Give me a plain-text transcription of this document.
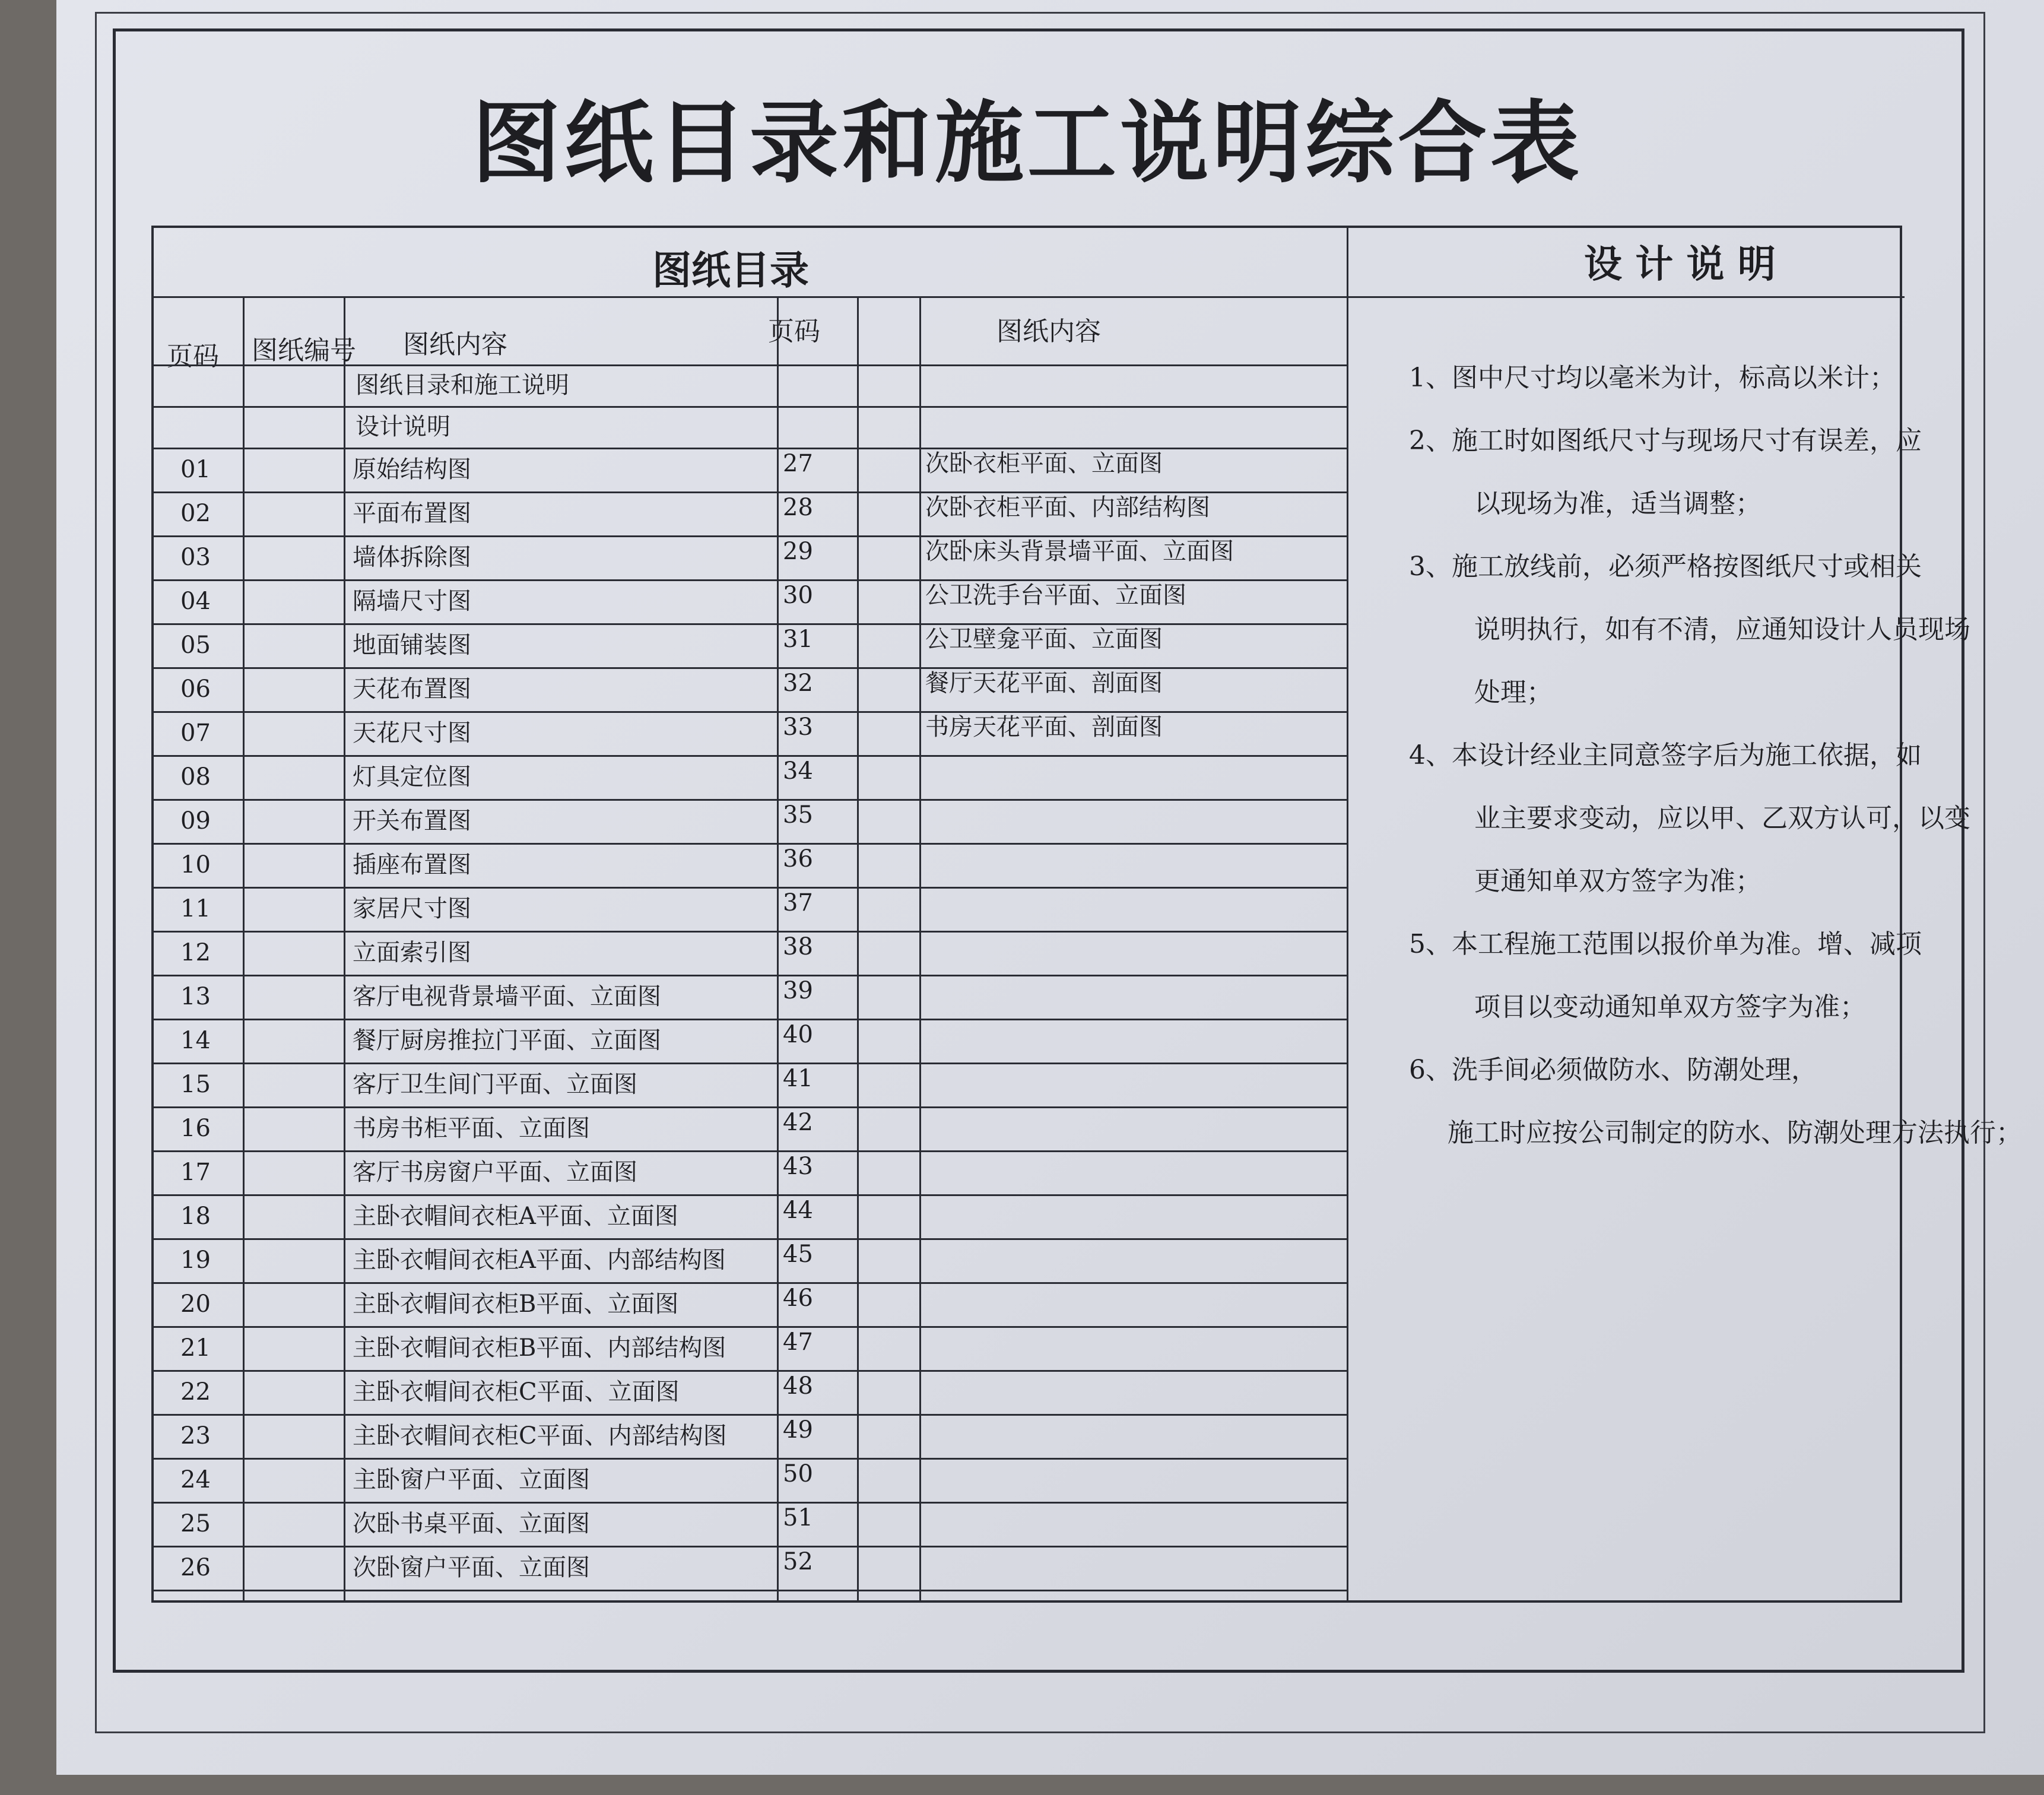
图纸目录和施工说明综合表
图纸目录	设 计 说 明
页码 图纸编号 图纸内容	页码	图纸内容
图纸目录和施工说明
设计说明
01	原始结构图	27	次卧衣柜平面、立面图
02	平面布置图	28	次卧衣柜平面、内部结构图
03	墙体拆除图	29	次卧床头背景墙平面、立面图
04	隔墙尺寸图	30	公卫洗手台平面、立面图
05	地面铺装图	31	公卫壁龛平面、立面图
06	天花布置图	32	餐厅天花平面、剖面图
07	天花尺寸图	33	书房天花平面、剖面图
08	灯具定位图	34
09	开关布置图	35
10	插座布置图	36
11	家居尺寸图	37
12	立面索引图	38
13	客厅电视背景墙平面、立面图	39
14	餐厅厨房推拉门平面、立面图	40
15	客厅卫生间门平面、立面图	41
16	书房书柜平面、立面图	42
17	客厅书房窗户平面、立面图	43
18	主卧衣帽间衣柜A平面、立面图	44
19	主卧衣帽间衣柜A平面、内部结构图 45
20	主卧衣帽间衣柜B平面、立面图	46
21	主卧衣帽间衣柜B平面、内部结构图 47
22	主卧衣帽间衣柜C平面、立面图	48
23	主卧衣帽间衣柜C平面、内部结构图 49
24	主卧窗户平面、立面图	50
25	次卧书桌平面、立面图	51
26	次卧窗户平面、立面图	52
1、图中尺寸均以毫米为计，标高以米计；
2、施工时如图纸尺寸与现场尺寸有误差，应
以现场为准，适当调整；
3、施工放线前，必须严格按图纸尺寸或相关
说明执行，如有不清，应通知设计人员现场
处理；
4、本设计经业主同意签字后为施工依据，如
业主要求变动，应以甲、乙双方认可，以变
更通知单双方签字为准；
5、本工程施工范围以报价单为准。增、减项
项目以变动通知单双方签字为准；
6、洗手间必须做防水、防潮处理，
施工时应按公司制定的防水、防潮处理方法执行；
